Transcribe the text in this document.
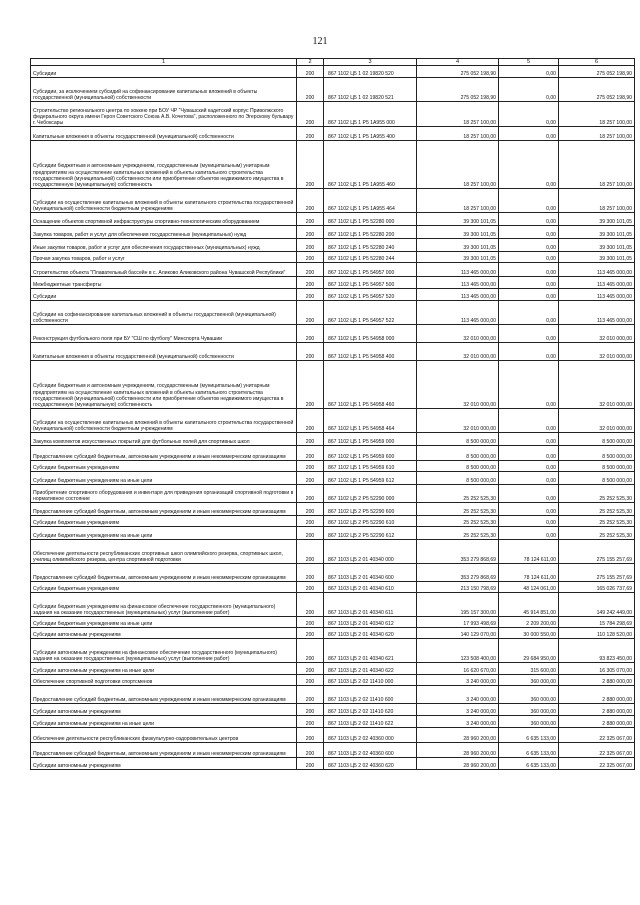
121
1	2	3	4	5	6
Субсидии	200	867 1102 Ц5 1 02 19820 520	275 052 198,90	0,00	275 052 198,90
Субсидии, за исключением субсидий на софинансирование капитальных вложений в объекты государственной (муниципальной) собственности	200	867 1102 Ц5 1 02 19820 521	275 052 198,90	0,00	275 052 198,90
Строительство регионального центра по хоккею при БОУ ЧР "Чувашский кадетский корпус Приволжского федерального округа имени Героя Советского Союза А.В. Кочетова", расположенного по Эгерскому бульвару г. Чебоксары	200	867 1102 Ц5 1 Р5 1А955 000	18 257 100,00	0,00	18 257 100,00
Капитальные вложения в объекты государственной (муниципальной) собственности	200	867 1102 Ц5 1 Р5 1А955 400	18 257 100,00	0,00	18 257 100,00
Субсидии бюджетным и автономным учреждениям, государственным (муниципальным) унитарным предприятиям на осуществление капитальных вложений в объекты капитального строительства государственной (муниципальной) собственности или приобретение объектов недвижимого имущества в государственную (муниципальную) собственность	200	867 1102 Ц5 1 Р5 1А955 460	18 257 100,00	0,00	18 257 100,00
Субсидии на осуществление капитальных вложений в объекты капитального строительства государственной (муниципальной) собственности бюджетным учреждениям	200	867 1102 Ц5 1 Р5 1А955 464	18 257 100,00	0,00	18 257 100,00
Оснащение объектов спортивной инфраструктуры спортивно-технологическим оборудованием	200	867 1102 Ц5 1 Р5 52280 000	39 300 101,05	0,00	39 300 101,05
Закупка товаров, работ и услуг для обеспечения государственных (муниципальных) нужд	200	867 1102 Ц5 1 Р5 52280 200	39 300 101,05	0,00	39 300 101,05
Иные закупки товаров, работ и услуг для обеспечения государственных (муниципальных) нужд	200	867 1102 Ц5 1 Р5 52280 240	39 300 101,05	0,00	39 300 101,05
Прочая закупка товаров, работ и услуг	200	867 1102 Ц5 1 Р5 52280 244	39 300 101,05	0,00	39 300 101,05
Строительство объекта "Плавательный бассейн в с. Аликово Аликовского района Чувашской Республики"	200	867 1102 Ц5 1 Р5 54957 000	113 465 000,00	0,00	113 465 000,00
Межбюджетные трансферты	200	867 1102 Ц5 1 Р5 54957 500	113 465 000,00	0,00	113 465 000,00
Субсидии	200	867 1102 Ц5 1 Р5 54957 520	113 465 000,00	0,00	113 465 000,00
Субсидии на софинансирование капитальных вложений в объекты государственной (муниципальной) собственности	200	867 1102 Ц5 1 Р5 54957 522	113 465 000,00	0,00	113 465 000,00
Реконструкция футбольного поля при БУ "СШ по футболу" Минспорта Чувашии	200	867 1102 Ц5 1 Р5 54958 000	32 010 000,00	0,00	32 010 000,00
Капитальные вложения в объекты государственной (муниципальной) собственности	200	867 1102 Ц5 1 Р5 54958 400	32 010 000,00	0,00	32 010 000,00
Субсидии бюджетным и автономным учреждениям, государственным (муниципальным) унитарным предприятиям на осуществление капитальных вложений в объекты капитального строительства государственной (муниципальной) собственности или приобретение объектов недвижимого имущества в государственную (муниципальную) собственность	200	867 1102 Ц5 1 Р5 54958 460	32 010 000,00	0,00	32 010 000,00
Субсидии на осуществление капитальных вложений в объекты капитального строительства государственной (муниципальной) собственности бюджетным учреждениям	200	867 1102 Ц5 1 Р5 54958 464	32 010 000,00	0,00	32 010 000,00
Закупка комплектов искусственных покрытий для футбольных полей для спортивных школ	200	867 1102 Ц5 1 Р5 54959 000	8 500 000,00	0,00	8 500 000,00
Предоставление субсидий бюджетным, автономным учреждениям и иным некоммерческим организациям	200	867 1102 Ц5 1 Р5 54959 600	8 500 000,00	0,00	8 500 000,00
Субсидии бюджетным учреждениям	200	867 1102 Ц5 1 Р5 54959 610	8 500 000,00	0,00	8 500 000,00
Субсидии бюджетным учреждениям на иные цели	200	867 1102 Ц5 1 Р5 54959 612	8 500 000,00	0,00	8 500 000,00
Приобретение спортивного оборудования и инвентаря для приведения организаций спортивной подготовки в нормативное состояние	200	867 1102 Ц5 2 Р5 52290 000	25 252 525,30	0,00	25 252 525,30
Предоставление субсидий бюджетным, автономным учреждениям и иным некоммерческим организациям	200	867 1102 Ц5 2 Р5 52290 600	25 252 525,30	0,00	25 252 525,30
Субсидии бюджетным учреждениям	200	867 1102 Ц5 2 Р5 52290 610	25 252 525,30	0,00	25 252 525,30
Субсидии бюджетным учреждениям на иные цели	200	867 1102 Ц5 2 Р5 52290 612	25 252 525,30	0,00	25 252 525,30
Обеспечение деятельности республиканских спортивных школ олимпийского резерва, спортивных школ, училищ олимпийского резерва, центра спортивной подготовки	200	867 1103 Ц5 2 01 40340 000	353 279 868,69	78 124 611,00	275 155 257,69
Предоставление субсидий бюджетным, автономным учреждениям и иным некоммерческим организациям	200	867 1103 Ц5 2 01 40340 600	353 279 868,69	78 124 611,00	275 155 257,69
Субсидии бюджетным учреждениям	200	867 1103 Ц5 2 01 40340 610	213 150 798,69	48 124 061,00	165 026 737,69
Субсидии бюджетным учреждениям на финансовое обеспечение государственного (муниципального) задания на оказание государственных (муниципальных) услуг (выполнение работ)	200	867 1103 Ц5 2 01 40340 611	195 157 300,00	45 914 851,00	149 242 449,00
Субсидии бюджетным учреждениям на иные цели	200	867 1103 Ц5 2 01 40340 612	17 993 498,69	2 209 200,00	15 784 298,69
Субсидии автономным учреждениям	200	867 1103 Ц5 2 01 40340 620	140 129 070,00	30 000 550,00	110 128 520,00
Субсидии автономным учреждениям на финансовое обеспечение государственного (муниципального) задания на оказание государственных (муниципальных) услуг (выполнение работ)	200	867 1103 Ц5 2 01 40340 621	123 508 400,00	29 684 950,00	93 823 450,00
Субсидии автономным учреждениям на иные цели	200	867 1103 Ц5 2 01 40340 622	16 620 670,00	315 600,00	16 305 070,00
Обеспечение спортивной подготовки спортсменов	200	867 1103 Ц5 2 02 11410 000	3 240 000,00	360 000,00	2 880 000,00
Предоставление субсидий бюджетным, автономным учреждениям и иным некоммерческим организациям	200	867 1103 Ц5 2 02 11410 600	3 240 000,00	360 000,00	2 880 000,00
Субсидии автономным учреждениям	200	867 1103 Ц5 2 02 11410 620	3 240 000,00	360 000,00	2 880 000,00
Субсидии автономным учреждениям на иные цели	200	867 1103 Ц5 2 02 11410 622	3 240 000,00	360 000,00	2 880 000,00
Обеспечение деятельности республиканских физкультурно-оздоровительных центров	200	867 1103 Ц5 2 02 40360 000	28 960 200,00	6 635 133,00	22 325 067,00
Предоставление субсидий бюджетным, автономным учреждениям и иным некоммерческим организациям	200	867 1103 Ц5 2 02 40360 600	28 960 200,00	6 635 133,00	22 325 067,00
Субсидии автономным учреждениям	200	867 1103 Ц5 2 02 40360 620	28 960 200,00	6 635 133,00	22 325 067,00
